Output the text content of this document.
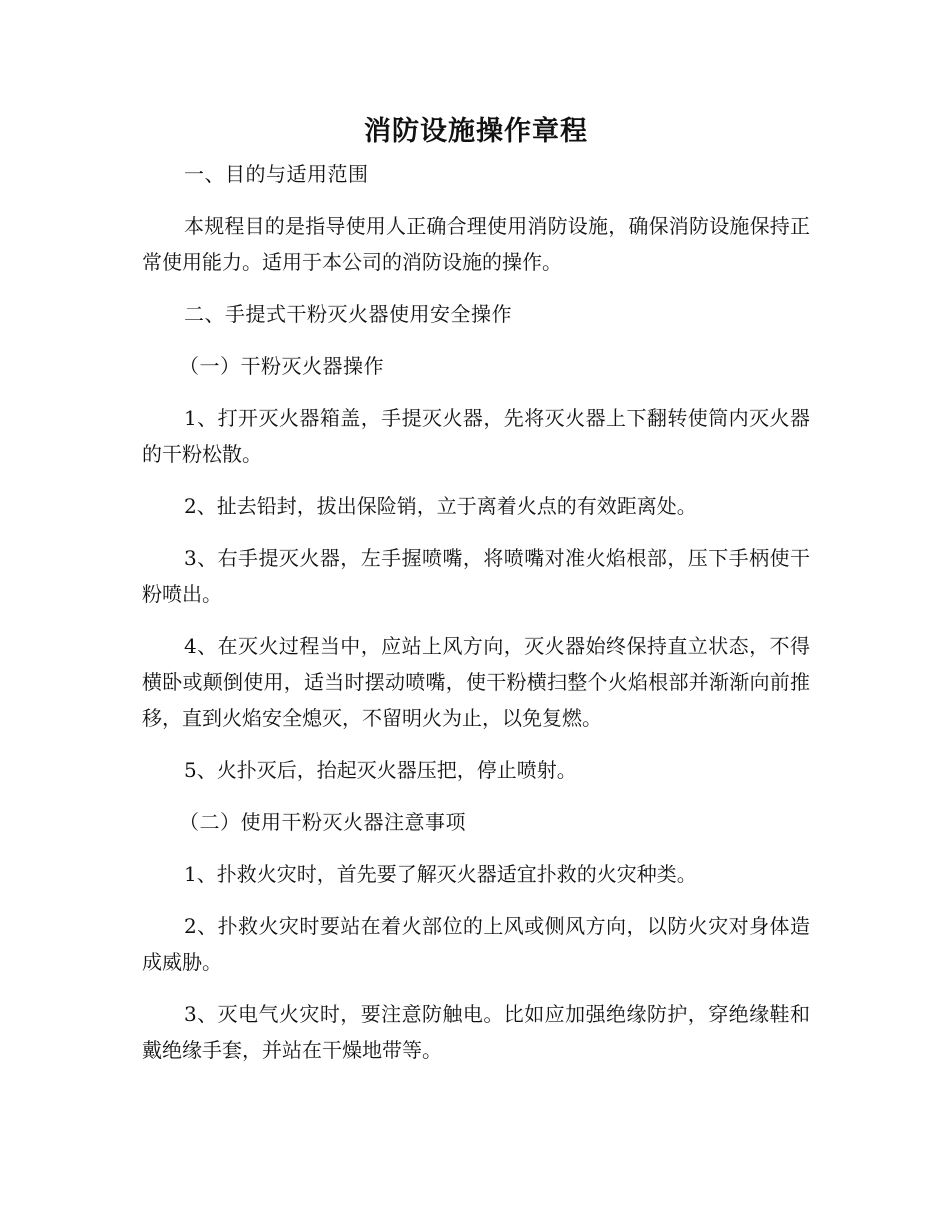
消防设施操作章程
一、目的与适用范围
本规程目的是指导使用人正确合理使用消防设施，确保消防设施保持正常使用能力。适用于本公司的消防设施的操作。
二、手提式干粉灭火器使用安全操作
（一）干粉灭火器操作
1、打开灭火器箱盖，手提灭火器，先将灭火器上下翻转使筒内灭火器的干粉松散。
2、扯去铅封，拔出保险销，立于离着火点的有效距离处。
3、右手提灭火器，左手握喷嘴，将喷嘴对准火焰根部，压下手柄使干粉喷出。
4、在灭火过程当中，应站上风方向，灭火器始终保持直立状态，不得横卧或颠倒使用，适当时摆动喷嘴，使干粉横扫整个火焰根部并渐渐向前推移，直到火焰安全熄灭，不留明火为止，以免复燃。
5、火扑灭后，抬起灭火器压把，停止喷射。
（二）使用干粉灭火器注意事项
1、扑救火灾时，首先要了解灭火器适宜扑救的火灾种类。
2、扑救火灾时要站在着火部位的上风或侧风方向，以防火灾对身体造成威胁。
3、灭电气火灾时，要注意防触电。比如应加强绝缘防护，穿绝缘鞋和戴绝缘手套，并站在干燥地带等。
